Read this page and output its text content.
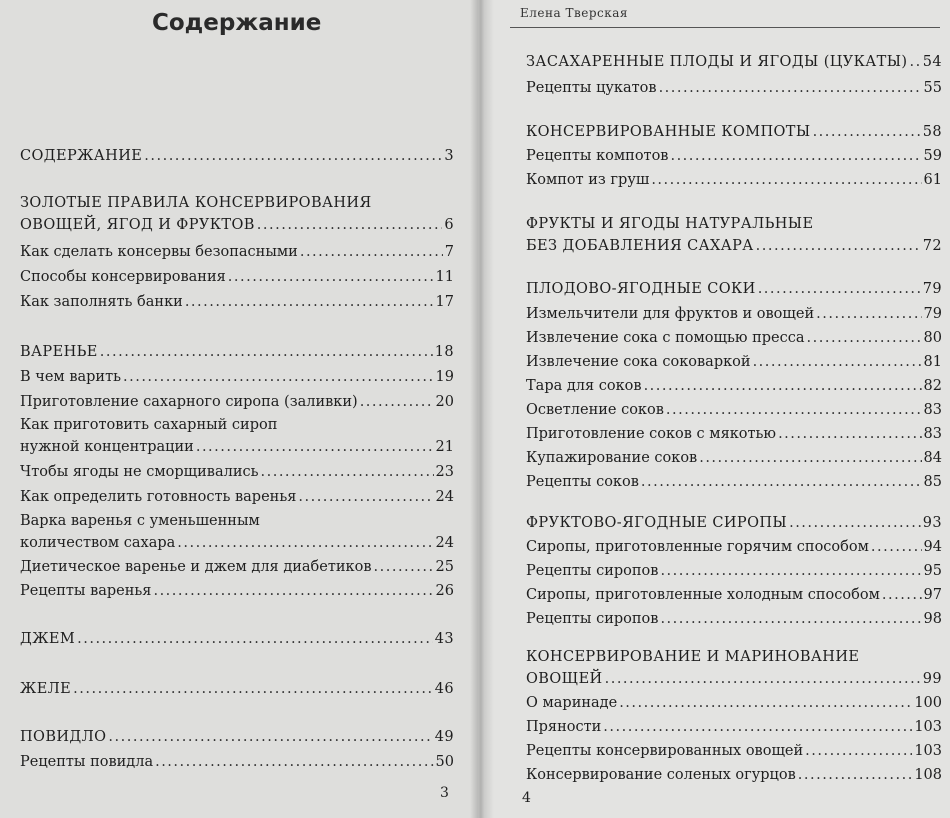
Содержание
СОДЕРЖАНИЕ .....	3
ЗОЛОТЫЕ ПРАВИЛА КОНСЕРВИРОВАНИЯ
ОВОЩЕЙ, ЯГОД И ФРУКТОВ .....	6
Как сделать консервы безопасными .....	7
Способы консервирования .....	11
Как заполнять банки .....	17
ВАРЕНЬЕ .....	18
В чем варить .....	19
Приготовление сахарного сиропа (заливки) .....	20
Как приготовить сахарный сироп
нужной концентрации .....	21
Чтобы ягоды не сморщивались .....	23
Как определить готовность варенья .....	24
Варка варенья с уменьшенным
количеством сахара .....	24
Диетическое варенье и джем для диабетиков .....	25
Рецепты варенья .....	26
ДЖЕМ .....	43
ЖЕЛЕ .....	46
ПОВИДЛО .....	49
Рецепты повидла .....	50
3
ЗАСАХАРЕННЫЕ ПЛОДЫ И ЯГОДЫ (ЦУКАТЫ) ..... 54
Рецепты цукатов .....	55
КОНСЕРВИРОВАННЫЕ КОМПОТЫ .....	58
Рецепты компотов .....	59
Компот из груш .....	61
ФРУКТЫ И ЯГОДЫ НАТУРАЛЬНЫЕ
БЕЗ ДОБАВЛЕНИЯ САХАРА .....	72
ПЛОДОВО-ЯГОДНЫЕ СОКИ .....	79
Измельчители для фруктов и овощей .....	79
Извлечение сока с помощью пресса .....	80
Извлечение сока соковаркой .....	81
Тара для соков .....	82
Осветление соков .....	83
Приготовление соков с мякотью .....	83
Купажирование соков .....	84
Рецепты соков .....	85
ФРУКТОВО-ЯГОДНЫЕ СИРОПЫ .....	93
Сиропы, приготовленные горячим способом .....	94
Рецепты сиропов .....	95
Сиропы, приготовленные холодным способом .....	97
Рецепты сиропов .....	98
КОНСЕРВИРОВАНИЕ И МАРИНОВАНИЕ
ОВОЩЕЙ .....	99
О маринаде .....	100
Пряности .....	103
Рецепты консервированных овощей .....	103
Консервирование соленых огурцов .....	108
4
Елена Тверская
